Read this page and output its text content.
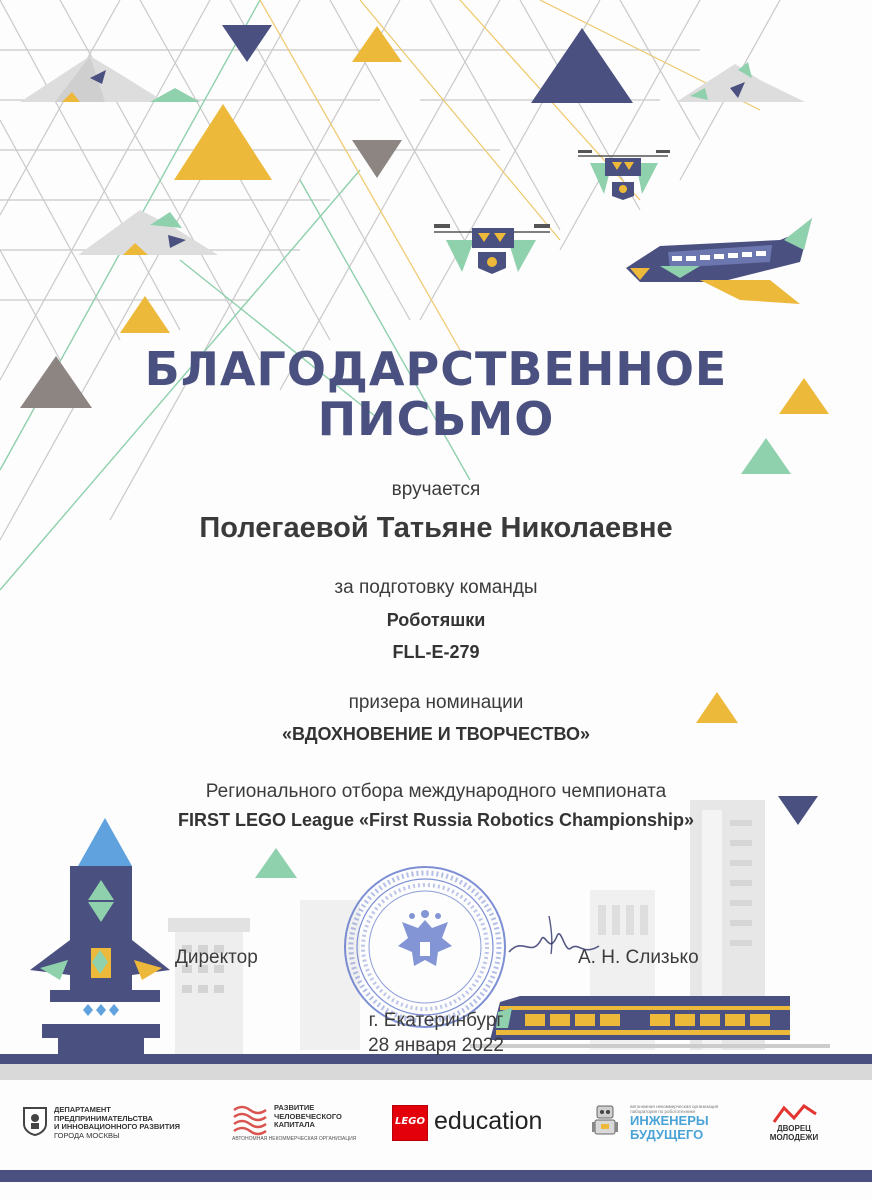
БЛАГОДАРСТВЕННОЕ
ПИСЬМО
вручается
Полегаевой Татьяне Николаевне
за подготовку команды
Роботяшки
FLL-E-279
призера номинации
«ВДОХНОВЕНИЕ И ТВОРЧЕСТВО»
Регионального отбора международного чемпионата
FIRST LEGO League «First Russia Robotics Championship»
Директор	А. Н. Слизько
г. Екатеринбург
28 января 2022
ДЕПАРТАМЕНТ
ПРЕДПРИНИМАТЕЛЬСТВА
И ИННОВАЦИОННОГО РАЗВИТИЯ
ГОРОДА МОСКВЫ
РАЗВИТИЕ
ЧЕЛОВЕЧЕСКОГО
КАПИТАЛА
АВТОНОМНАЯ НЕКОММЕРЧЕСКАЯ ОРГАНИЗАЦИЯ
LEGO education
автономная некоммерческая организация
лаборатория по робототехнике
ИНЖЕНЕРЫ
БУДУЩЕГО	ДВОРЕЦ
МОЛОДЕЖИ
